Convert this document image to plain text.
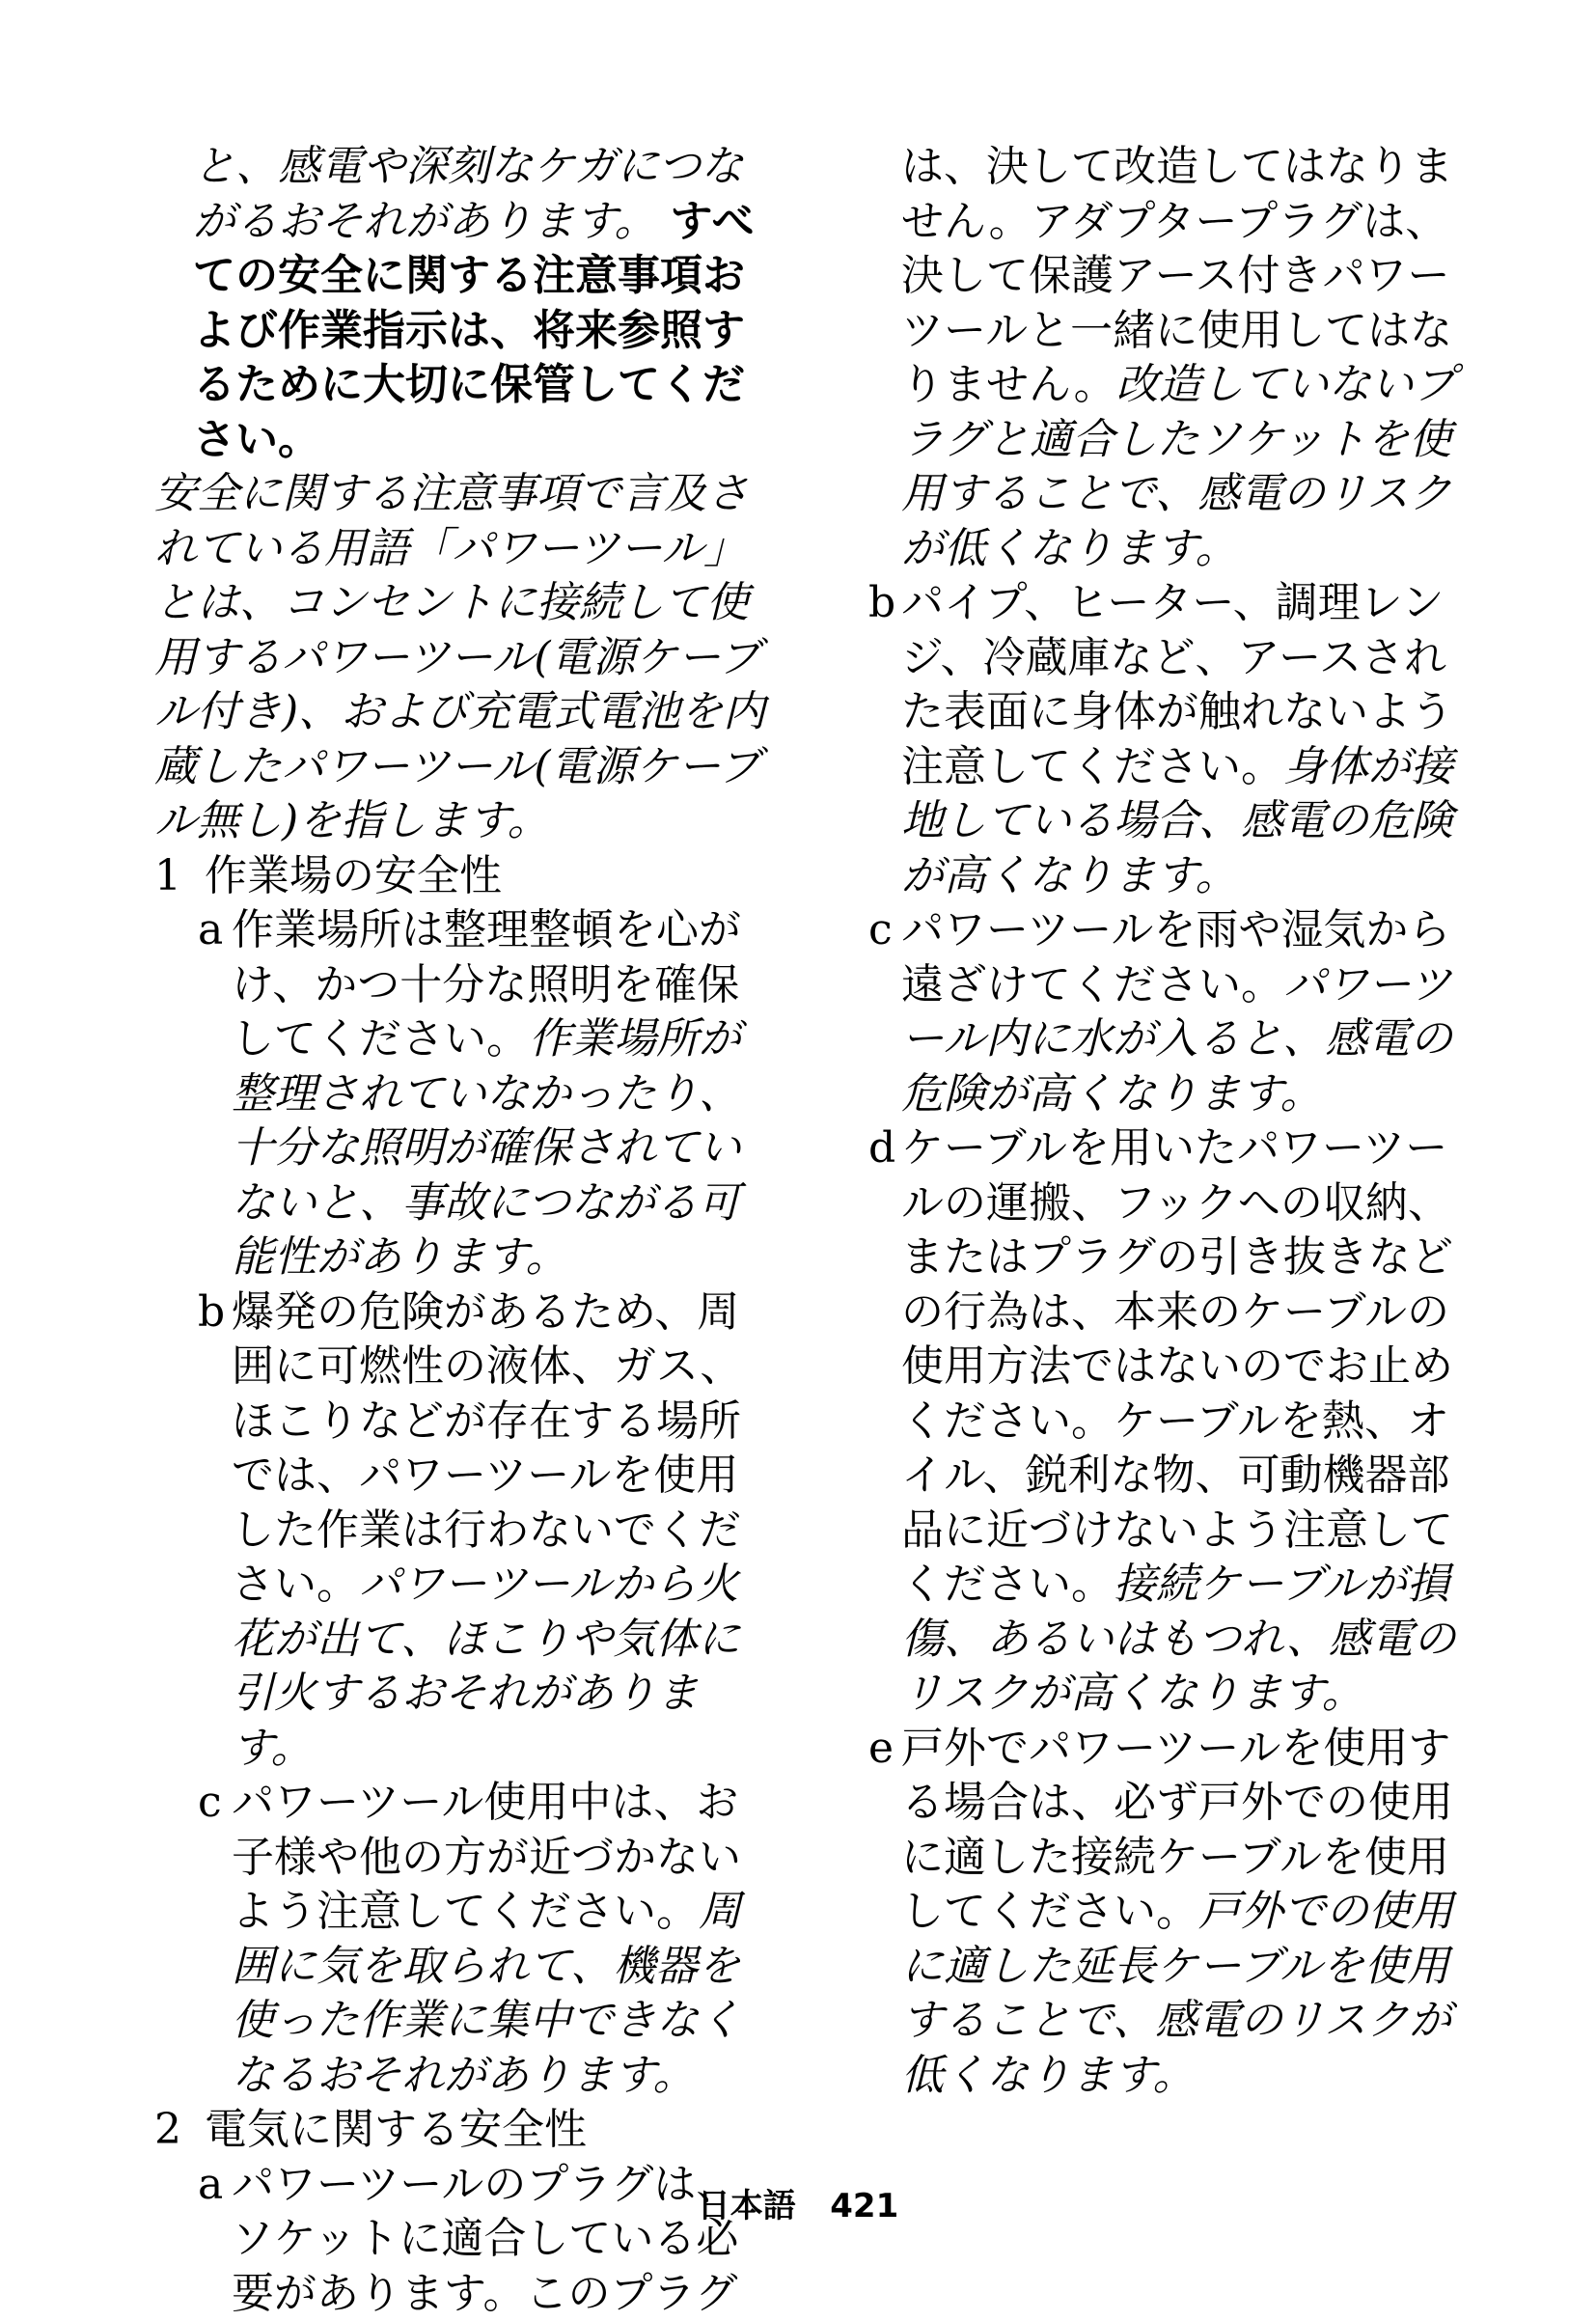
と、感電や深刻なケガにつながるおそれがあります。 すべての安全に関する注意事項および作業指示は、将来参照するために大切に保管してください。

安全に関する注意事項で言及されている用語「パワーツール」とは、コンセントに接続して使用するパワーツール(電源ケーブル付き)、および充電式電池を内蔵したパワーツール(電源ケーブル無し)を指します。

1 作業場の安全性
a 作業場所は整理整頓を心がけ、かつ十分な照明を確保してください。作業場所が整理されていなかったり、十分な照明が確保されていないと、事故につながる可能性があります。
b 爆発の危険があるため、周囲に可燃性の液体、ガス、ほこりなどが存在する場所では、パワーツールを使用した作業は行わないでください。パワーツールから火花が出て、ほこりや気体に引火するおそれがあります。
c パワーツール使用中は、お子様や他の方が近づかないよう注意してください。周囲に気を取られて、機器を使った作業に集中できなくなるおそれがあります。
2 電気に関する安全性
a パワーツールのプラグは、ソケットに適合している必要があります。このプラグ
は、決して改造してはなりません。アダプタープラグは、決して保護アース付きパワーツールと一緒に使用してはなりません。改造していないプラグと適合したソケットを使用することで、感電のリスクが低くなります。
b パイプ、ヒーター、調理レンジ、冷蔵庫など、アースされた表面に身体が触れないよう注意してください。身体が接地している場合、感電の危険が高くなります。
c パワーツールを雨や湿気から遠ざけてください。パワーツール内に水が入ると、感電の危険が高くなります。
d ケーブルを用いたパワーツールの運搬、フックへの収納、またはプラグの引き抜きなどの行為は、本来のケーブルの使用方法ではないのでお止めください。ケーブルを熱、オイル、鋭利な物、可動機器部品に近づけないよう注意してください。接続ケーブルが損傷、あるいはもつれ、感電のリスクが高くなります。
e 戸外でパワーツールを使用する場合は、必ず戸外での使用に適した接続ケーブルを使用してください。戸外での使用に適した延長ケーブルを使用することで、感電のリスクが低くなります。
日本語 421
